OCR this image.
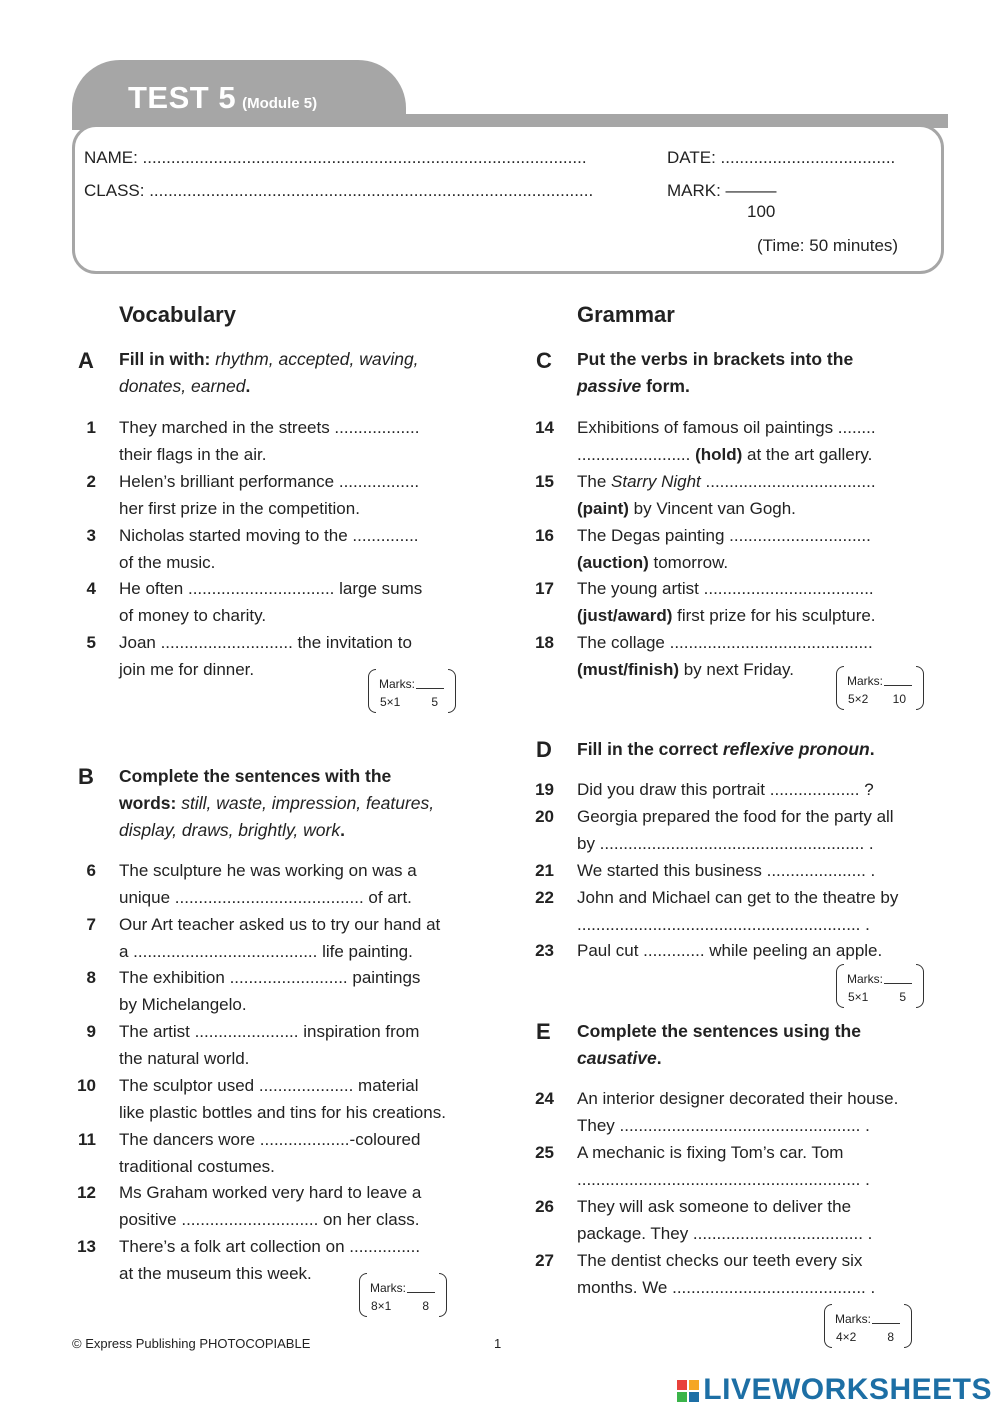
TEST 5 (Module 5)
NAME: ..............................................................................................	DATE: .....................................
CLASS: ..............................................................................................	MARK: ———
100
(Time: 50 minutes)
Vocabulary
A Fill in with: rhythm, accepted, waving,
donates, earned.
1 They marched in the streets ..................
their flags in the air.
2 Helen’s brilliant performance .................
her first prize in the competition.
3 Nicholas started moving to the ..............
of the music.
4 He often ............................... large sums
of money to charity.
5 Joan ............................ the invitation to
join me for dinner.
Marks:
5×1	5
B Complete the sentences with the
words: still, waste, impression, features,
display, draws, brightly, work.
6 The sculpture he was working on was a
unique ........................................ of art.
7 Our Art teacher asked us to try our hand at
a ....................................... life painting.
8 The exhibition ......................... paintings
by Michelangelo.
9 The artist ...................... inspiration from
the natural world.
10 The sculptor used .................... material
like plastic bottles and tins for his creations.
11 The dancers wore ...................-coloured
traditional costumes.
12 Ms Graham worked very hard to leave a
positive ............................. on her class.
13 There’s a folk art collection on ...............
at the museum this week.
Marks:
8×1	8
Grammar
C Put the verbs in brackets into the
passive form.
14 Exhibitions of famous oil paintings ........
........................ (hold) at the art gallery.
15 The Starry Night ....................................
(paint) by Vincent van Gogh.
16 The Degas painting ..............................
(auction) tomorrow.
17 The young artist ....................................
(just/award) first prize for his sculpture.
18 The collage ...........................................
(must/finish) by next Friday.
Marks:
5×2 10
D Fill in the correct reflexive pronoun.
19 Did you draw this portrait ................... ?
20 Georgia prepared the food for the party all
by ........................................................ .
21 We started this business ..................... .
22 John and Michael can get to the theatre by
............................................................ .
23 Paul cut ............. while peeling an apple.
Marks:
5×1	5
E Complete the sentences using the
causative.
24 An interior designer decorated their house.
They ................................................... .
25 A mechanic is fixing Tom’s car. Tom
............................................................ .
26 They will ask someone to deliver the
package. They .................................... .
27 The dentist checks our teeth every six
months. We ......................................... .
Marks:
4×2	8
© Express Publishing PHOTOCOPIABLE	1
LIVEWORKSHEETS
